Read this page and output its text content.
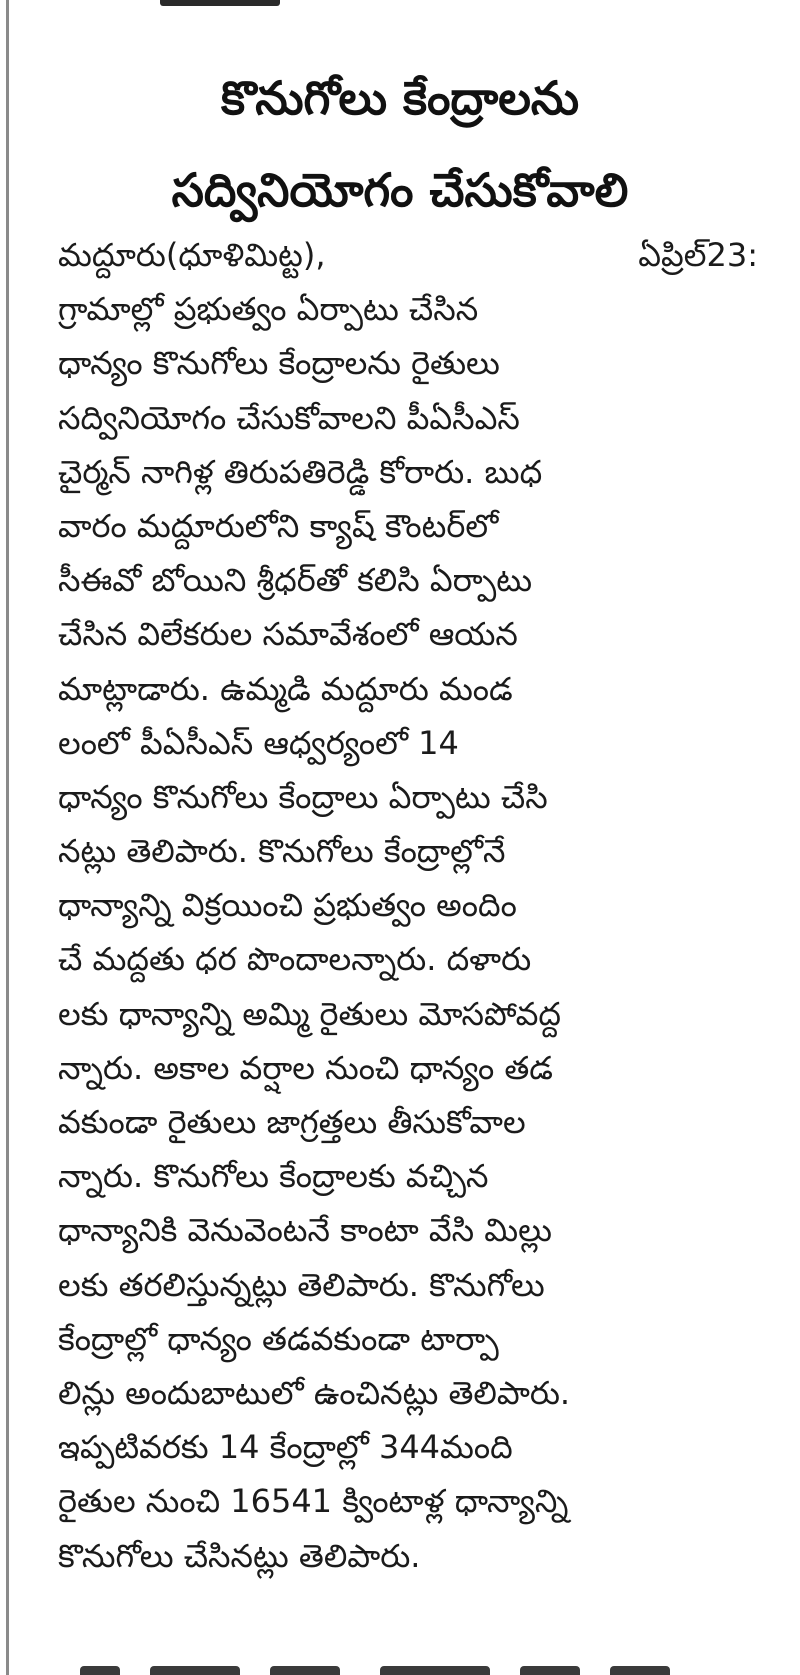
కొనుగోలు కేంద్రాలను
సద్వినియోగం చేసుకోవాలి
మద్దూరు(ధూళిమిట్ట),	ఏప్రిల్23:
గ్రామాల్లో ప్రభుత్వం ఏర్పాటు చేసిన
ధాన్యం కొనుగోలు కేంద్రాలను రైతులు
సద్వినియోగం చేసుకోవాలని పీఏసీఎస్
చైర్మన్ నాగిళ్ల తిరుపతిరెడ్డి కోరారు. బుధ
వారం మద్దూరులోని క్యాష్ కౌంటర్‌లో
సీఈవో బోయిని శ్రీధర్‌తో కలిసి ఏర్పాటు
చేసిన విలేకరుల సమావేశంలో ఆయన
మాట్లాడారు. ఉమ్మడి మద్దూరు మండ
లంలో పీఏసీఎస్ ఆధ్వర్యంలో 14
ధాన్యం కొనుగోలు కేంద్రాలు ఏర్పాటు చేసి
నట్లు తెలిపారు. కొనుగోలు కేంద్రాల్లోనే
ధాన్యాన్ని విక్రయించి ప్రభుత్వం అందిం
చే మద్దతు ధర పొందాలన్నారు. దళారు
లకు ధాన్యాన్ని అమ్మి రైతులు మోసపోవద్ద
న్నారు. అకాల వర్షాల నుంచి ధాన్యం తడ
వకుండా రైతులు జాగ్రత్తలు తీసుకోవాల
న్నారు. కొనుగోలు కేంద్రాలకు వచ్చిన
ధాన్యానికి వెనువెంటనే కాంటా వేసి మిల్లు
లకు తరలిస్తున్నట్లు తెలిపారు. కొనుగోలు
కేంద్రాల్లో ధాన్యం తడవకుండా టార్పా
లిన్లు అందుబాటులో ఉంచినట్లు తెలిపారు.
ఇప్పటివరకు 14 కేంద్రాల్లో 344మంది
రైతుల నుంచి 16541 క్వింటాళ్ల ధాన్యాన్ని
కొనుగోలు చేసినట్లు తెలిపారు.
